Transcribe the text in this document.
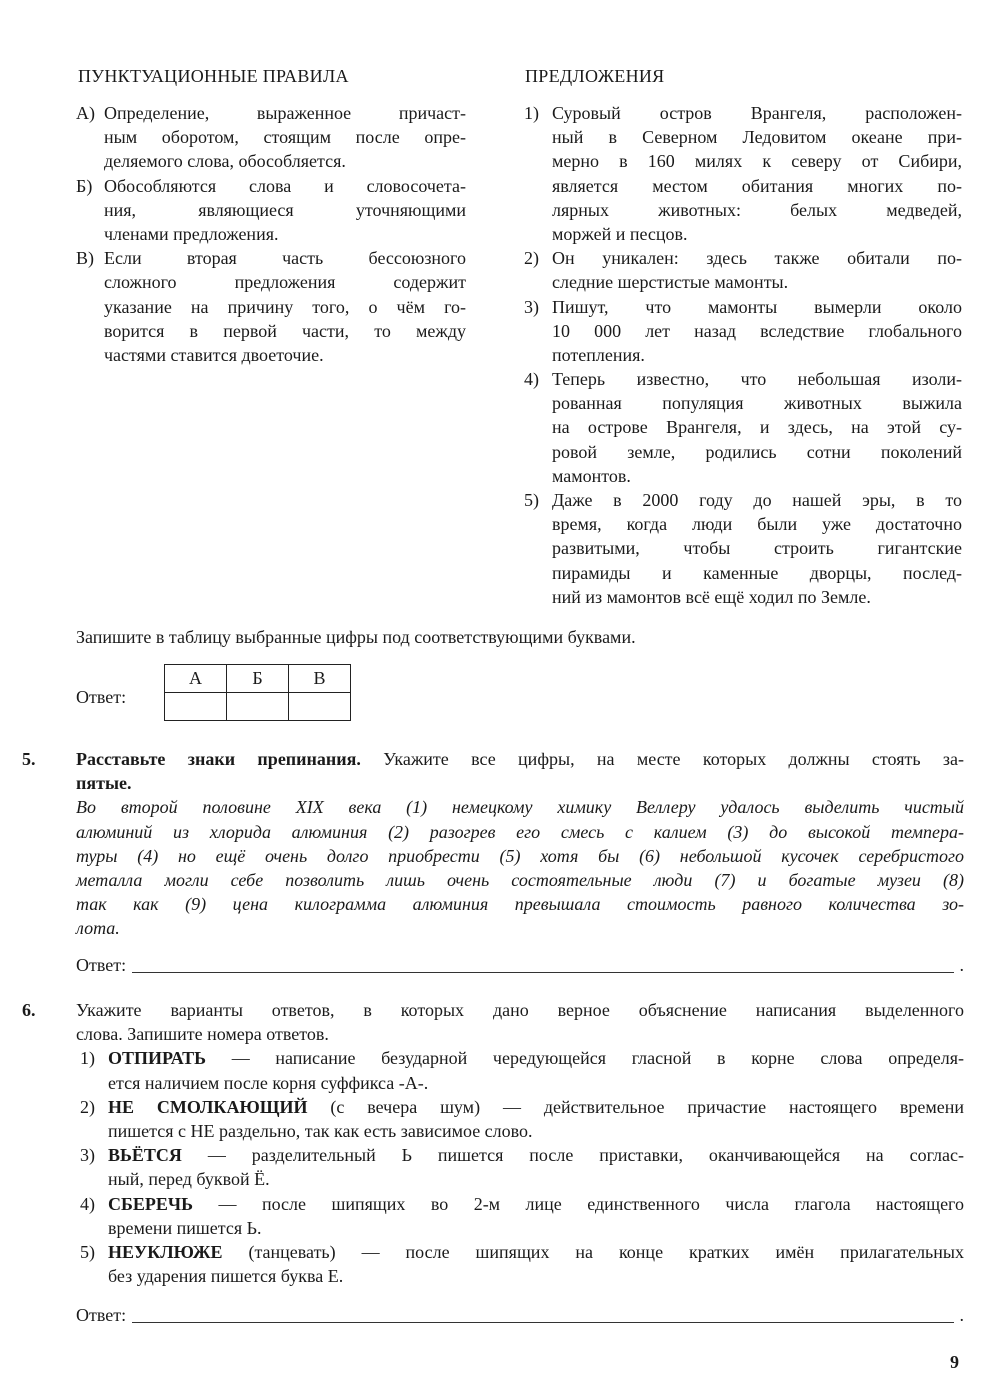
ПУНКТУАЦИОННЫЕ ПРАВИЛА	ПРЕДЛОЖЕНИЯ
А) Определение, выраженное причаст-
ным оборотом, стоящим после опре-
деляемого слова, обособляется.
Б) Обособляются слова и словосочета-
ния, являющиеся уточняющими
членами предложения.
В) Если вторая часть бессоюзного
сложного предложения содержит
указание на причину того, о чём го-
ворится в первой части, то между
частями ставится двоеточие.
1) Суровый остров Врангеля, расположен-
ный в Северном Ледовитом океане при-
мерно в 160 милях к северу от Сибири,
является местом обитания многих по-
лярных животных: белых медведей,
моржей и песцов.
2) Он уникален: здесь также обитали по-
следние шерстистые мамонты.
3) Пишут, что мамонты вымерли около
10 000 лет назад вследствие глобального
потепления.
4) Теперь известно, что небольшая изоли-
рованная популяция животных выжила
на острове Врангеля, и здесь, на этой су-
ровой земле, родились сотни поколений
мамонтов.
5) Даже в 2000 году до нашей эры, в то
время, когда люди были уже достаточно
развитыми, чтобы строить гигантские
пирамиды и каменные дворцы, послед-
ний из мамонтов всё ещё ходил по Земле.
Запишите в таблицу выбранные цифры под соответствующими буквами.
Ответ:
А	Б	В

5. Расставьте знаки препинания. Укажите все цифры, на месте которых должны стоять за-
пятые.
Во второй половине XIX века (1) немецкому химику Веллеру удалось выделить чистый
алюминий из хлорида алюминия (2) разогрев его смесь с калием (3) до высокой темпера-
туры (4) но ещё очень долго приобрести (5) хотя бы (6) небольшой кусочек серебристого
металла могли себе позволить лишь очень состоятельные люди (7) и богатые музеи (8)
так как (9) цена килограмма алюминия превышала стоимость равного количества зо-
лота.
Ответ:	.
6. Укажите варианты ответов, в которых дано верное объяснение написания выделенного
слова. Запишите номера ответов.
1) ОТПИРАТЬ — написание безударной чередующейся гласной в корне слова определя-
ется наличием после корня суффикса -А-.
2) НЕ СМОЛКАЮЩИЙ (с вечера шум) — действительное причастие настоящего времени
пишется с НЕ раздельно, так как есть зависимое слово.
3) ВЬЁТСЯ — разделительный Ь пишется после приставки, оканчивающейся на соглас-
ный, перед буквой Ё.
4) СБЕРЕЧЬ — после шипящих во 2-м лице единственного числа глагола настоящего
времени пишется Ь.
5) НЕУКЛЮЖЕ (танцевать) — после шипящих на конце кратких имён прилагательных
без ударения пишется буква Е.
Ответ:	.
9
